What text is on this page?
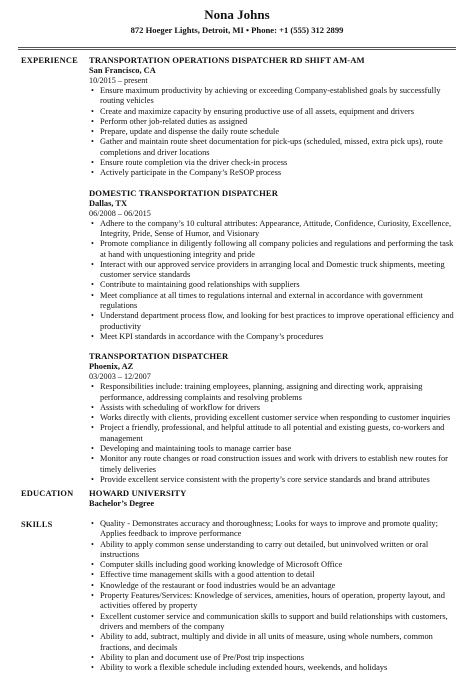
Nona Johns
872 Hoeger Lights, Detroit, MI • Phone: +1 (555) 312 2899
EXPERIENCE TRANSPORTATION OPERATIONS DISPATCHER RD SHIFT AM-AM
San Francisco, CA
10/2015 – present
• Ensure maximum productivity by achieving or exceeding Company-established goals by successfully routing vehicles
• Create and maximize capacity by ensuring productive use of all assets, equipment and drivers
• Perform other job-related duties as assigned
• Prepare, update and dispense the daily route schedule
• Gather and maintain route sheet documentation for pick-ups (scheduled, missed, extra pick ups), route completions and driver locations
• Ensure route completion via the driver check-in process
• Actively participate in the Company’s ReSOP process
DOMESTIC TRANSPORTATION DISPATCHER
Dallas, TX
06/2008 – 06/2015
• Adhere to the company’s 10 cultural attributes: Appearance, Attitude, Confidence, Curiosity, Excellence, Integrity, Pride, Sense of Humor, and Visionary
• Promote compliance in diligently following all company policies and regulations and performing the task at hand with unquestioning integrity and pride
• Interact with our approved service providers in arranging local and Domestic truck shipments, meeting customer service standards
• Contribute to maintaining good relationships with suppliers
• Meet compliance at all times to regulations internal and external in accordance with government regulations
• Understand department process flow, and looking for best practices to improve operational efficiency and productivity
• Meet KPI standards in accordance with the Company’s procedures
TRANSPORTATION DISPATCHER
Phoenix, AZ
03/2003 – 12/2007
• Responsibilities include: training employees, planning, assigning and directing work, appraising performance, addressing complaints and resolving problems
• Assists with scheduling of workflow for drivers
• Works directly with clients, providing excellent customer service when responding to customer inquiries
• Project a friendly, professional, and helpful attitude to all potential and existing guests, co-workers and management
• Developing and maintaining tools to manage carrier base
• Monitor any route changes or road construction issues and work with drivers to establish new routes for timely deliveries
• Provide excellent service consistent with the property’s core service standards and brand attributes
EDUCATION HOWARD UNIVERSITY
Bachelor’s Degree
SKILLS
•	Quality - Demonstrates accuracy and thoroughness; Looks for ways to improve and promote quality; Applies feedback to improve performance
• Ability to apply common sense understanding to carry out detailed, but uninvolved written or oral instructions
• Computer skills including good working knowledge of Microsoft Office
• Effective time management skills with a good attention to detail
• Knowledge of the restaurant or food industries would be an advantage
• Property Features/Services: Knowledge of services, amenities, hours of operation, property layout, and activities offered by property
• Excellent customer service and communication skills to support and build relationships with customers, drivers and members of the company
• Ability to add, subtract, multiply and divide in all units of measure, using whole numbers, common fractions, and decimals
• Ability to plan and document use of Pre/Post trip inspections
• Ability to work a flexible schedule including extended hours, weekends, and holidays
